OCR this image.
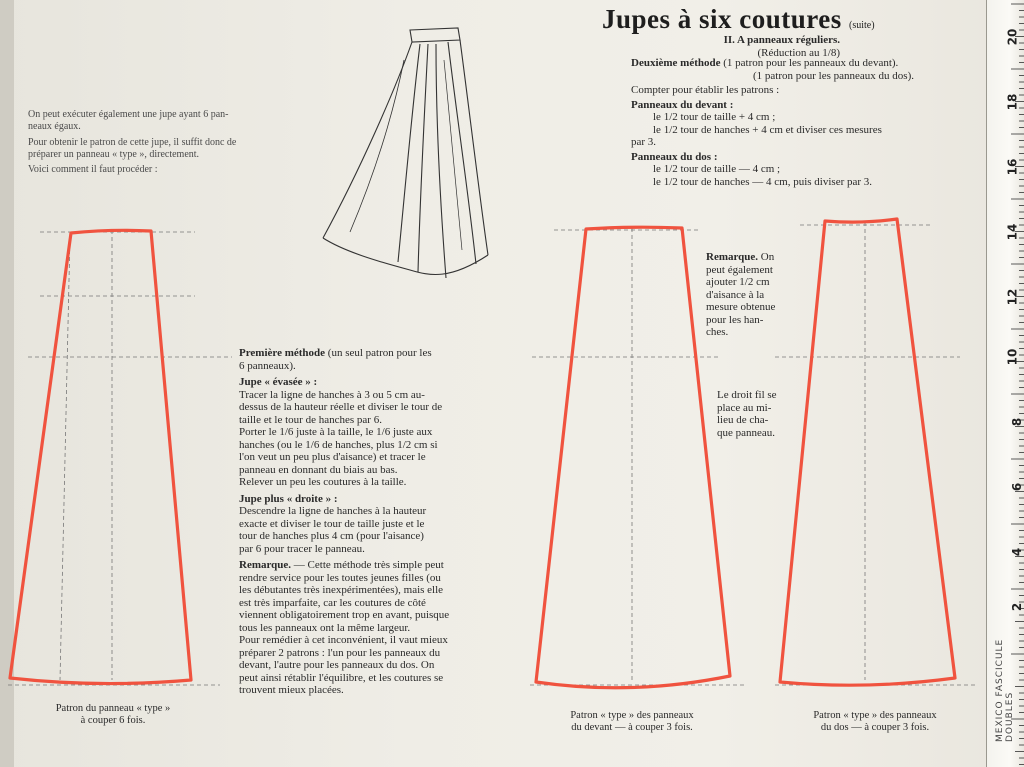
Jupes à six coutures (suite)

II. A panneaux réguliers.

(Réduction au 1/8)

Deuxième méthode (1 patron pour les panneaux du devant).

(1 patron pour les panneaux du dos).

Compter pour établir les patrons :

Panneaux du devant :

le 1/2 tour de taille + 4 cm ;

le 1/2 tour de hanches + 4 cm et diviser ces mesures

par 3.

Panneaux du dos :

le 1/2 tour de taille — 4 cm ;

le 1/2 tour de hanches — 4 cm, puis diviser par 3.

On peut exécuter également une jupe ayant 6 pan-

neaux égaux.

Pour obtenir le patron de cette jupe, il suffit donc de

préparer un panneau « type », directement.

Voici comment il faut procéder :

Première méthode (un seul patron pour les

6 panneaux).

Jupe « évasée » :

Tracer la ligne de hanches à 3 ou 5 cm au-

dessus de la hauteur réelle et diviser le tour de

taille et le tour de hanches par 6.

Porter le 1/6 juste à la taille, le 1/6 juste aux

hanches (ou le 1/6 de hanches, plus 1/2 cm si

l'on veut un peu plus d'aisance) et tracer le

panneau en donnant du biais au bas.

Relever un peu les coutures à la taille.

Jupe plus « droite » :

Descendre la ligne de hanches à la hauteur

exacte et diviser le tour de taille juste et le

tour de hanches plus 4 cm (pour l'aisance)

par 6 pour tracer le panneau.

Remarque. — Cette méthode très simple peut

rendre service pour les toutes jeunes filles (ou

les débutantes très inexpérimentées), mais elle

est très imparfaite, car les coutures de côté

viennent obligatoirement trop en avant, puisque

tous les panneaux ont la même largeur.

Pour remédier à cet inconvénient, il vaut mieux

préparer 2 patrons : l'un pour les panneaux du

devant, l'autre pour les panneaux du dos. On

peut ainsi rétablir l'équilibre, et les coutures se

trouvent mieux placées.

Remarque. On

peut également

ajouter 1/2 cm

d'aisance à la

mesure obtenue

pour les han-

ches.

Le droit fil se

place au mi-

lieu de cha-

que panneau.

Patron du panneau « type »
à couper 6 fois.	Patron « type » des panneaux
du devant — à couper 3 fois.
Patron « type » des panneaux
du dos — à couper 3 fois.
20
18
16
14
12
10
8
6
4
2
MEXICO FASCICULE DOUBLES
